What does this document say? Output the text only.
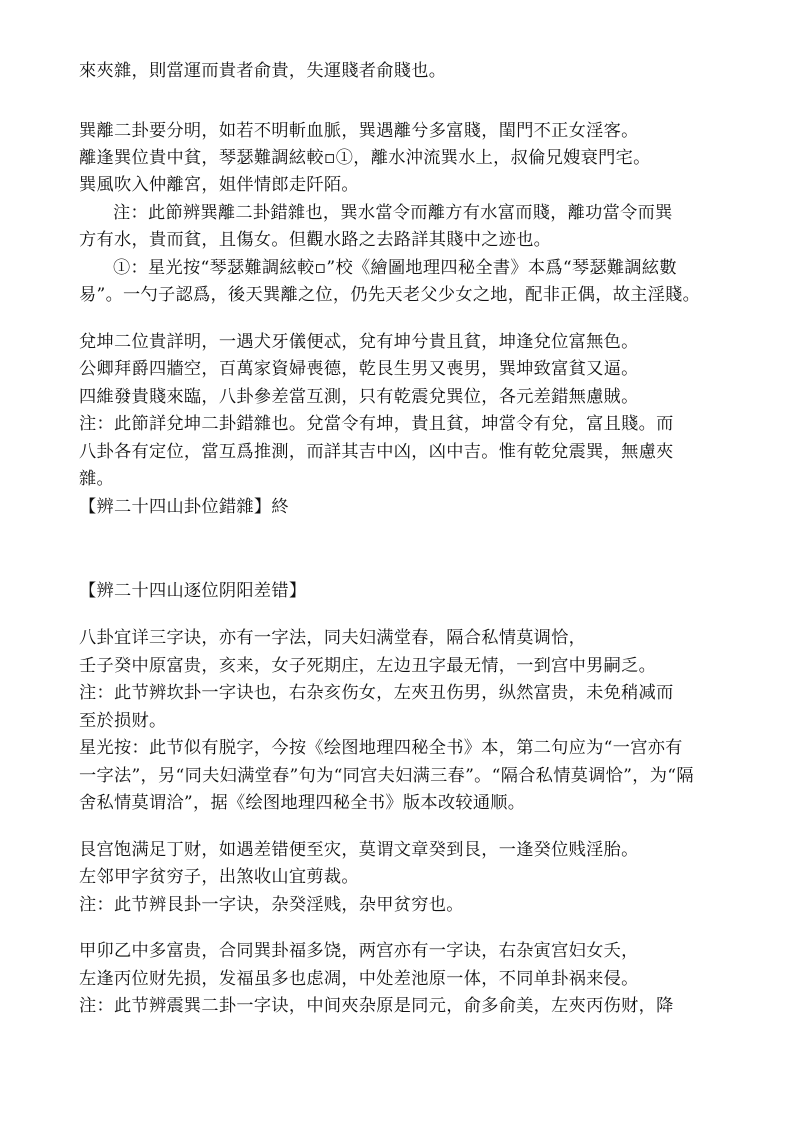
來夾雜，則當運而貴者俞貴，失運賤者俞賤也。
巽離二卦要分明，如若不明斬血脈，巽遇離兮多富賤，閨門不正女淫客。
離逢巽位貴中貧，琴瑟難調絃較▫①，離水沖流巽水上，叔倫兄嫂衰門宅。
巽風吹入仲離宮，姐伴情郎走阡陌。
注：此節辨巽離二卦錯雜也，巽水當令而離方有水富而賤，離功當令而巽
方有水，貴而貧，且傷女。但觀水路之去路詳其賤中之迹也。
①：星光按“琴瑟難調絃較▫”校《繪圖地理四秘全書》本爲“琴瑟難調絃數
易”。一勺子認爲，後天巽離之位，仍先天老父少女之地，配非正偶，故主淫賤。
兌坤二位貴詳明，一遇犬牙儀便忒，兌有坤兮貴且貧，坤逢兌位富無色。
公卿拜爵四牆空，百萬家資婦喪德，乾艮生男又喪男，巽坤致富貧又逼。
四維發貴賤來臨，八卦參差當互測，只有乾震兌巽位，各元差錯無慮賊。
注：此節詳兌坤二卦錯雜也。兌當令有坤，貴且貧，坤當令有兌，富且賤。而
八卦各有定位，當互爲推測，而詳其吉中凶，凶中吉。惟有乾兌震巽，無慮夾
雜。
【辨二十四山卦位錯雜】終
【辨二十四山逐位阴阳差错】
八卦宜详三字诀，亦有一字法，同夫妇满堂春，隔合私情莫调恰，
壬子癸中原富贵，亥来，女子死期庄，左边丑字最无情，一到宫中男嗣乏。
注：此节辨坎卦一字诀也，右杂亥伤女，左夾丑伤男，纵然富贵，未免稍减而
至於损财。
星光按：此节似有脱字，今按《绘图地理四秘全书》本，第二句应为“一宫亦有
一字法”，另“同夫妇满堂春”句为“同宫夫妇满三春”。“隔合私情莫调恰”，为“隔
舍私情莫谓洽”，据《绘图地理四秘全书》版本改较通顺。
艮宫饱满足丁财，如遇差错便至灾，莫谓文章癸到艮，一逢癸位贱淫胎。
左邻甲字贫穷子，出煞收山宜剪裁。
注：此节辨艮卦一字诀，杂癸淫贱，杂甲贫穷也。
甲卯乙中多富贵，合同巽卦福多饶，两宫亦有一字诀，右杂寅宫妇女夭，
左逢丙位财先损，发福虽多也虑凋，中处差池原一体，不同单卦祸来侵。
注：此节辨震巽二卦一字诀，中间夾杂原是同元，俞多俞美，左夾丙伤财，降
